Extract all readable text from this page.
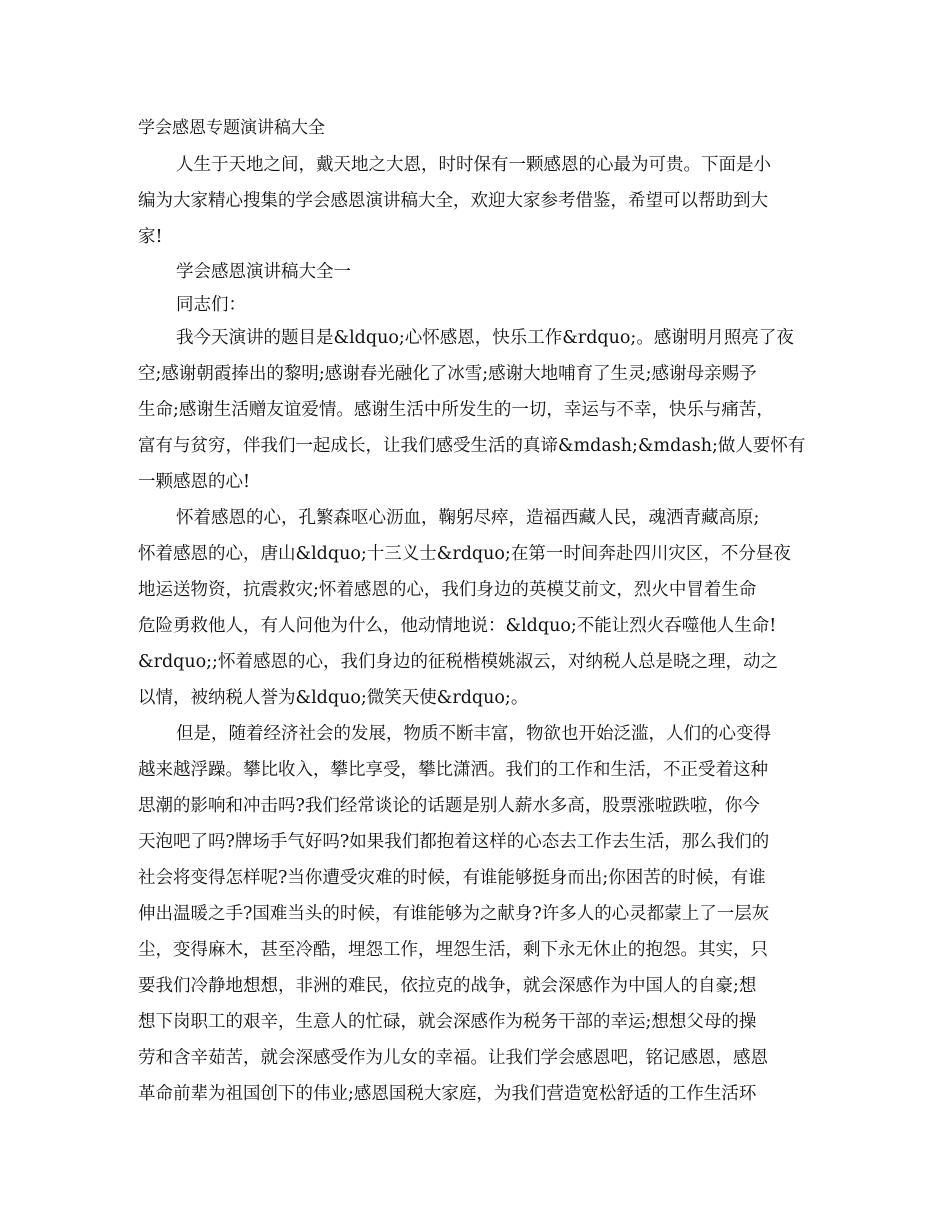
学会感恩专题演讲稿大全
人生于天地之间，戴天地之大恩，时时保有一颗感恩的心最为可贵。下面是小
编为大家精心搜集的学会感恩演讲稿大全，欢迎大家参考借鉴，希望可以帮助到大
家!
学会感恩演讲稿大全一
同志们：
我今天演讲的题目是&ldquo;心怀感恩，快乐工作&rdquo;。感谢明月照亮了夜
空;感谢朝霞捧出的黎明;感谢春光融化了冰雪;感谢大地哺育了生灵;感谢母亲赐予
生命;感谢生活赠友谊爱情。感谢生活中所发生的一切，幸运与不幸，快乐与痛苦，
富有与贫穷，伴我们一起成长，让我们感受生活的真谛&mdash;&mdash;做人要怀有
一颗感恩的心!
怀着感恩的心，孔繁森呕心沥血，鞠躬尽瘁，造福西藏人民，魂洒青藏高原;
怀着感恩的心，唐山&ldquo;十三义士&rdquo;在第一时间奔赴四川灾区，不分昼夜
地运送物资，抗震救灾;怀着感恩的心，我们身边的英模艾前文，烈火中冒着生命
危险勇救他人，有人问他为什么，他动情地说：&ldquo;不能让烈火吞噬他人生命!
&rdquo;;怀着感恩的心，我们身边的征税楷模姚淑云，对纳税人总是晓之理，动之
以情，被纳税人誉为&ldquo;微笑天使&rdquo;。
但是，随着经济社会的发展，物质不断丰富，物欲也开始泛滥，人们的心变得
越来越浮躁。攀比收入，攀比享受，攀比潇洒。我们的工作和生活，不正受着这种
思潮的影响和冲击吗?我们经常谈论的话题是别人薪水多高，股票涨啦跌啦，你今
天泡吧了吗?牌场手气好吗?如果我们都抱着这样的心态去工作去生活，那么我们的
社会将变得怎样呢?当你遭受灾难的时候，有谁能够挺身而出;你困苦的时候，有谁
伸出温暖之手?国难当头的时候，有谁能够为之献身?许多人的心灵都蒙上了一层灰
尘，变得麻木，甚至冷酷，埋怨工作，埋怨生活，剩下永无休止的抱怨。其实，只
要我们冷静地想想，非洲的难民，依拉克的战争，就会深感作为中国人的自豪;想
想下岗职工的艰辛，生意人的忙碌，就会深感作为税务干部的幸运;想想父母的操
劳和含辛茹苦，就会深感受作为儿女的幸福。让我们学会感恩吧，铭记感恩，感恩
革命前辈为祖国创下的伟业;感恩国税大家庭，为我们营造宽松舒适的工作生活环
